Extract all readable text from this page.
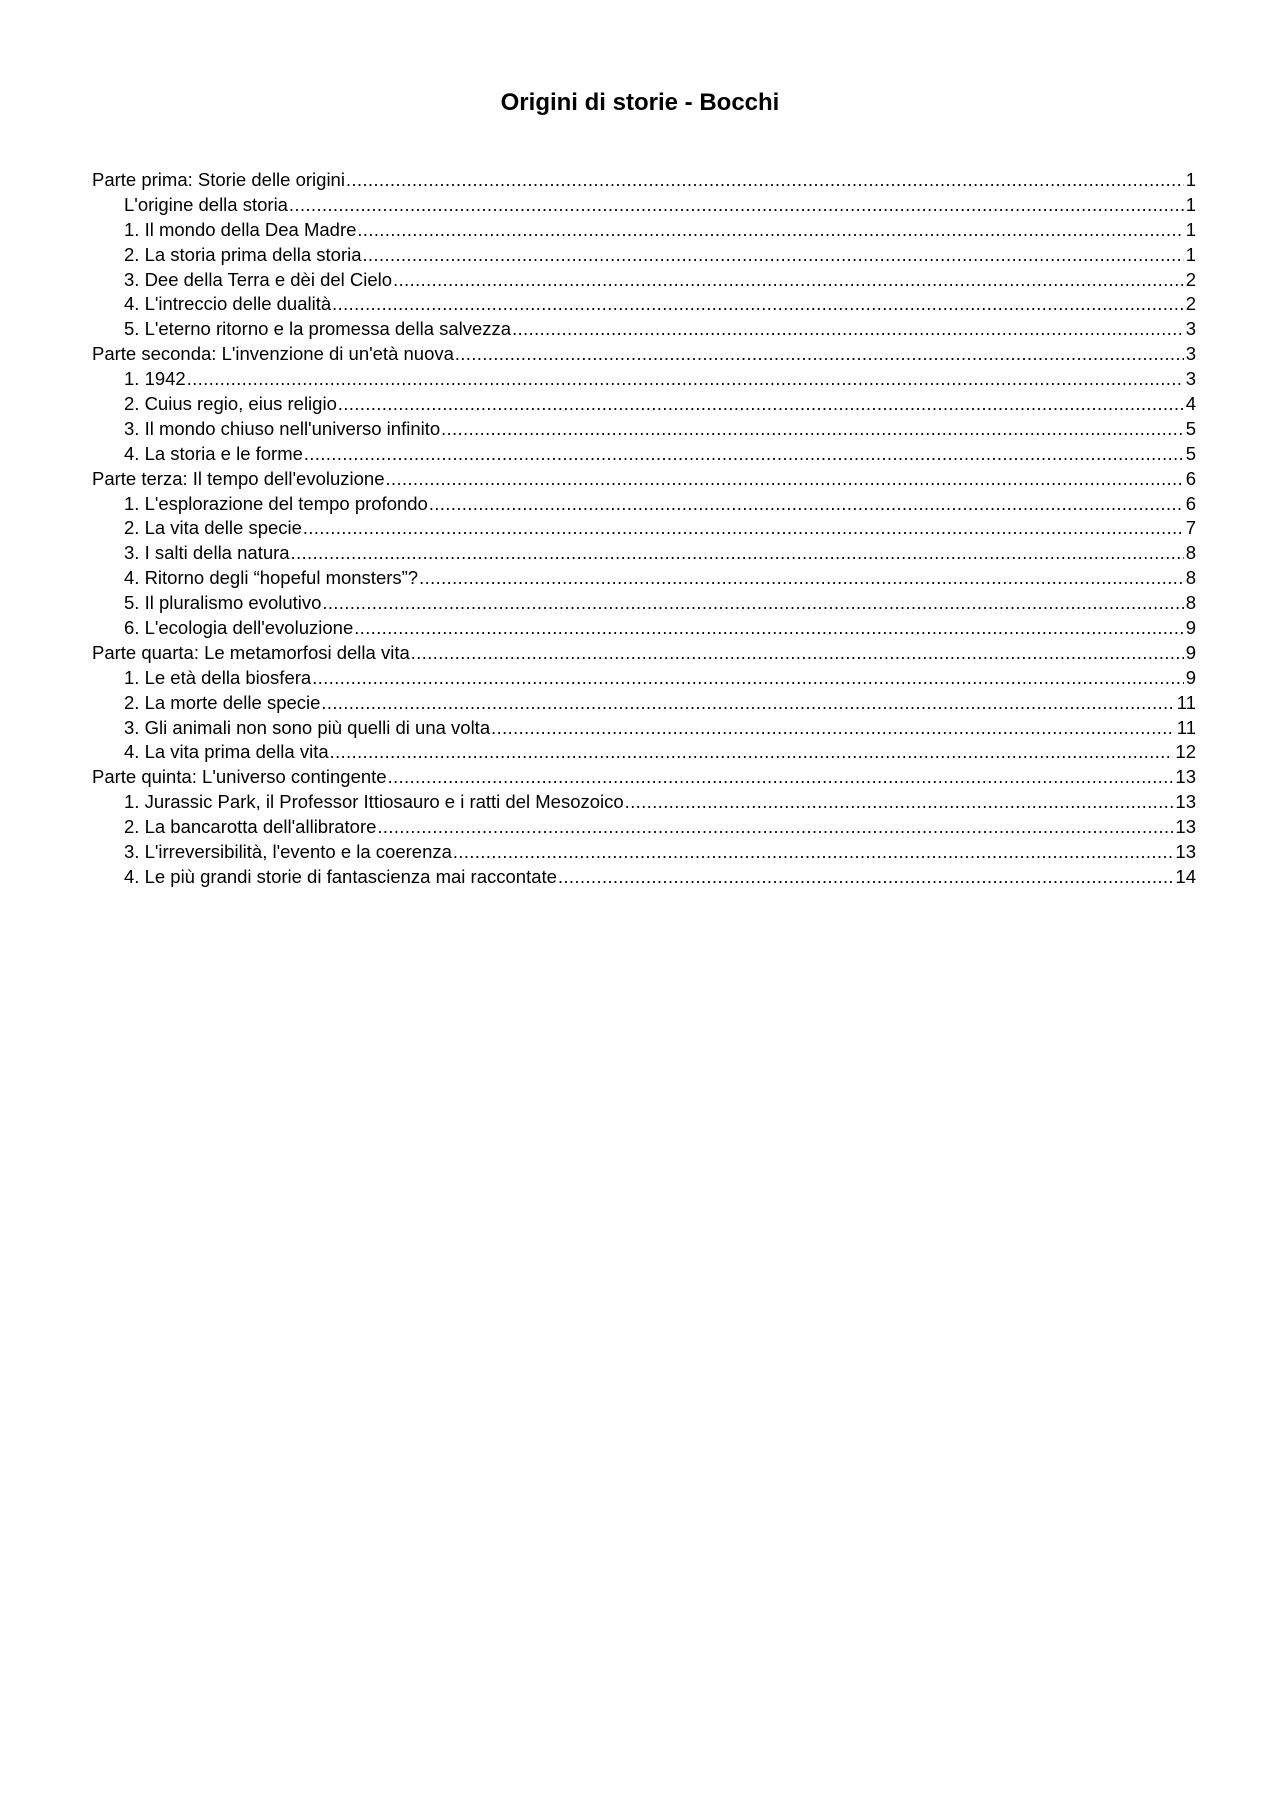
Origini di storie - Bocchi
Parte prima: Storie delle origini .....	1
L'origine della storia .....	1
1. Il mondo della Dea Madre .....	1
2. La storia prima della storia .....	1
3. Dee della Terra e dèi del Cielo .....	2
4. L'intreccio delle dualità .....	2
5. L'eterno ritorno e la promessa della salvezza .....	3
Parte seconda: L'invenzione di un'età nuova .....	3
1. 1942 .....	3
2. Cuius regio, eius religio .....	4
3. Il mondo chiuso nell'universo infinito .....	5
4. La storia e le forme .....	5
Parte terza: Il tempo dell'evoluzione .....	6
1. L'esplorazione del tempo profondo .....	6
2. La vita delle specie .....	7
3. I salti della natura .....	8
4. Ritorno degli “hopeful monsters”? .....	8
5. Il pluralismo evolutivo .....	8
6. L'ecologia dell'evoluzione .....	9
Parte quarta: Le metamorfosi della vita .....	9
1. Le età della biosfera .....	9
2. La morte delle specie .....	11
3. Gli animali non sono più quelli di una volta .....	11
4. La vita prima della vita .....	12
Parte quinta: L'universo contingente .....	13
1. Jurassic Park, il Professor Ittiosauro e i ratti del Mesozoico .....	13
2. La bancarotta dell'allibratore .....	13
3. L'irreversibilità, l'evento e la coerenza .....	13
4. Le più grandi storie di fantascienza mai raccontate .....	14
